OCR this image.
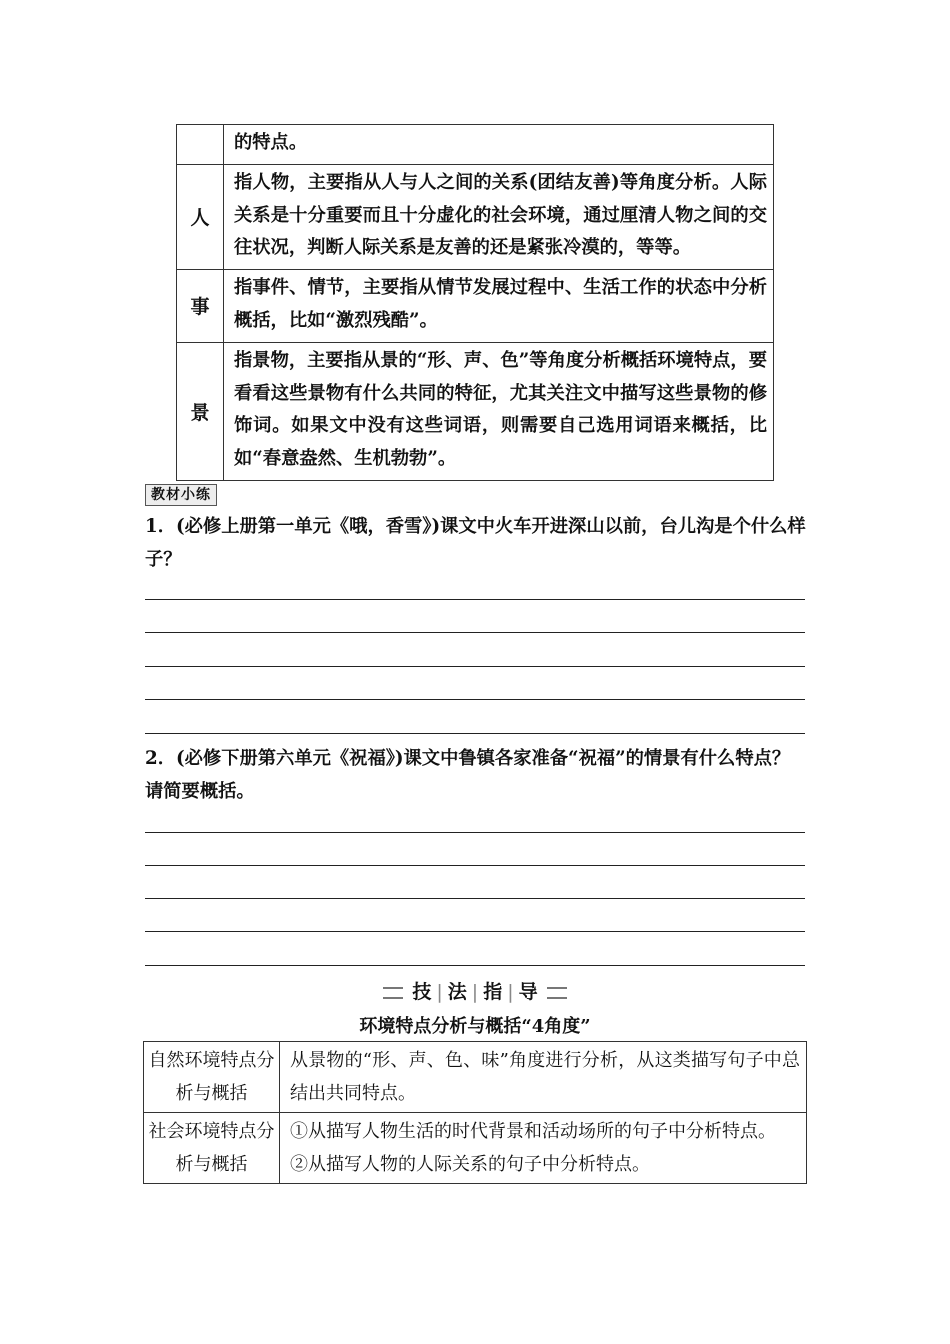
	的特点。
人	指人物，主要指从人与人之间的关系(团结友善)等角度分析。人际关系是十分重要而且十分虚化的社会环境，通过厘清人物之间的交往状况，判断人际关系是友善的还是紧张冷漠的，等等。
事	指事件、情节，主要指从情节发展过程中、生活工作的状态中分析概括，比如“激烈残酷”。
景	指景物，主要指从景的“形、声、色”等角度分析概括环境特点，要看看这些景物有什么共同的特征，尤其关注文中描写这些景物的修饰词。如果文中没有这些词语，则需要自己选用词语来概括，比如“春意盎然、生机勃勃”。
教材小练
1．(必修上册第一单元《哦，香雪》)课文中火车开进深山以前，台儿沟是个什么样子？
2．(必修下册第六单元《祝福》)课文中鲁镇各家准备“祝福”的情景有什么特点？请简要概括。
技 | 法 | 指 | 导
环境特点分析与概括“4角度”
自然环境特点分析与概括	从景物的“形、声、色、味”角度进行分析，从这类描写句子中总结出共同特点。

社会环境特点分析与概括	①从描写人物生活的时代背景和活动场所的句子中分析特点。
②从描写人物的人际关系的句子中分析特点。
